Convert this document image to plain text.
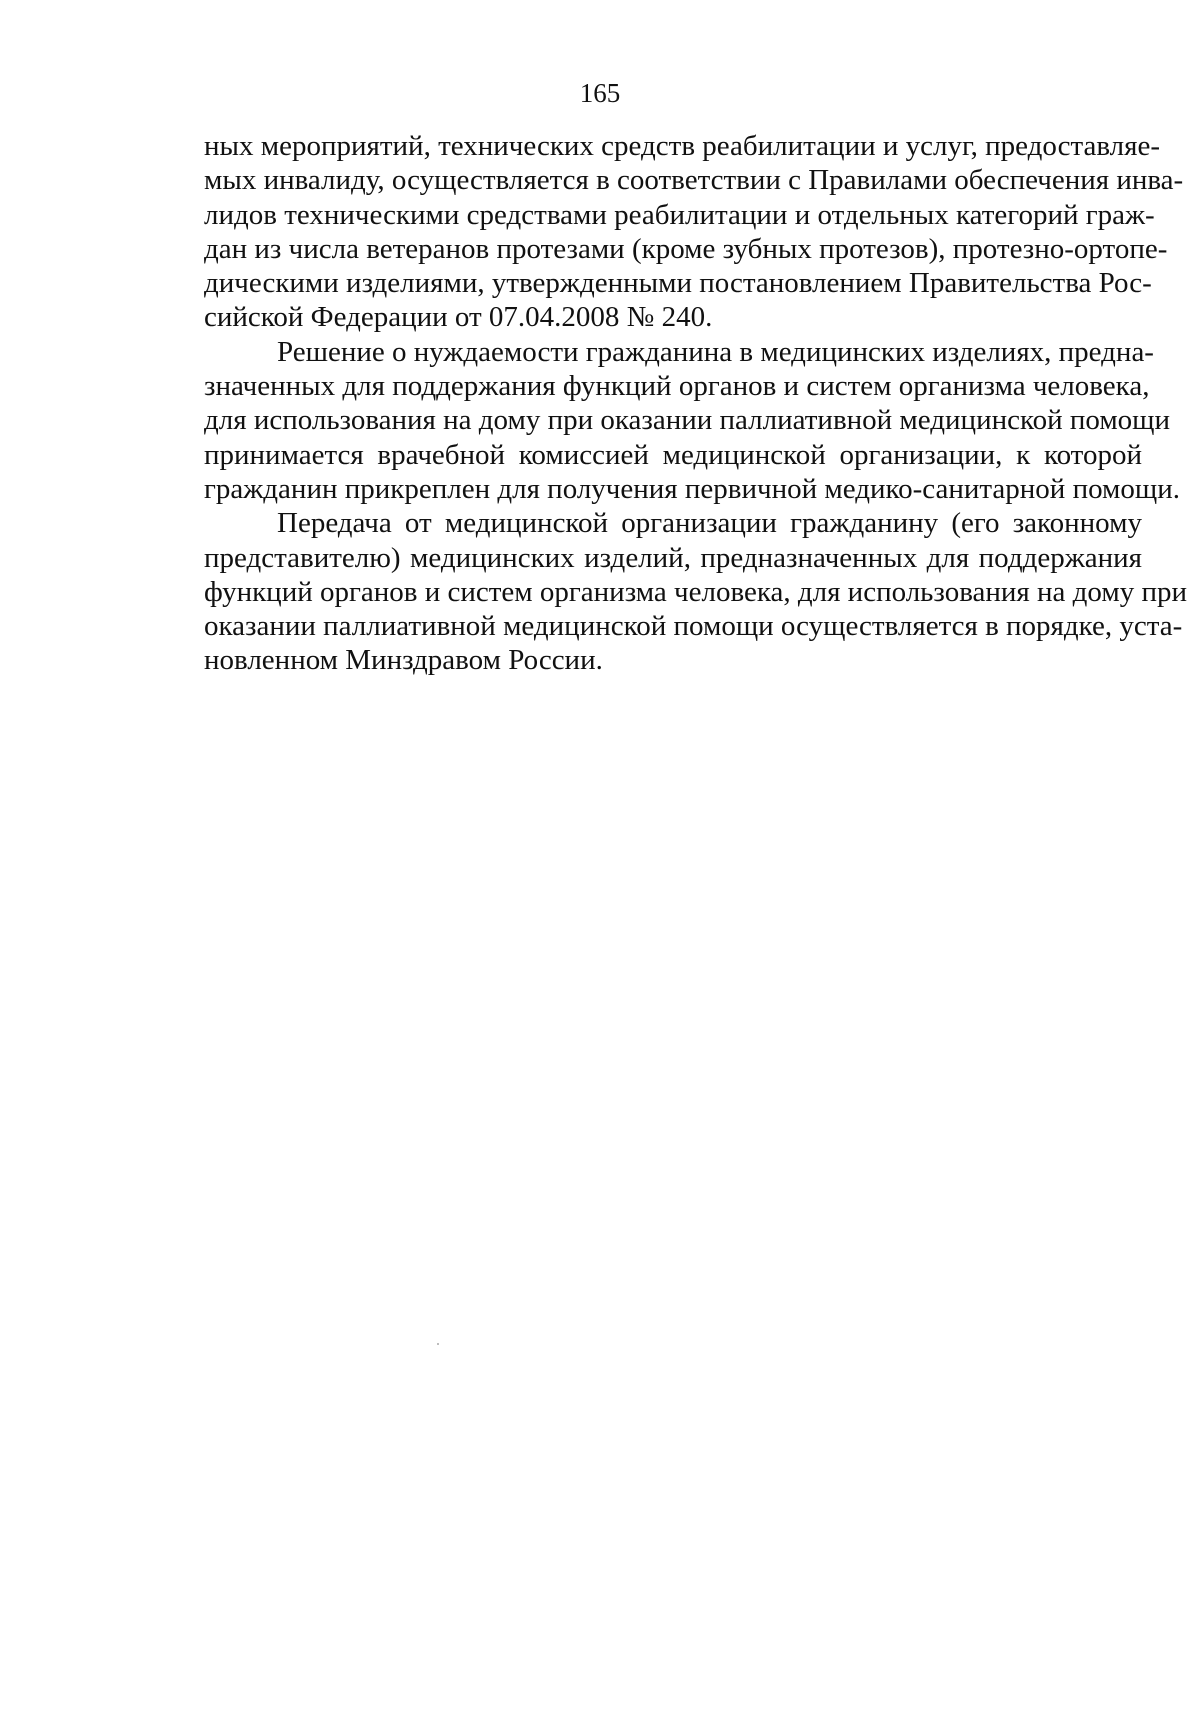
165

ных мероприятий, технических средств реабилитации и услуг, предоставляе-
мых инвалиду, осуществляется в соответствии с Правилами обеспечения инва-
лидов техническими средствами реабилитации и отдельных категорий граж-
дан из числа ветеранов протезами (кроме зубных протезов), протезно-ортопе-
дическими изделиями, утвержденными постановлением Правительства Рос-
сийской Федерации от 07.04.2008 № 240.

Решение о нуждаемости гражданина в медицинских изделиях, предна-
значенных для поддержания функций органов и систем организма человека,
для использования на дому при оказании паллиативной медицинской помощи
принимается врачебной комиссией медицинской организации, к которой
гражданин прикреплен для получения первичной медико-санитарной помощи.

Передача от медицинской организации гражданину (его законному
представителю) медицинских изделий, предназначенных для поддержания
функций органов и систем организма человека, для использования на дому при
оказании паллиативной медицинской помощи осуществляется в порядке, уста-
новленном Минздравом России.
